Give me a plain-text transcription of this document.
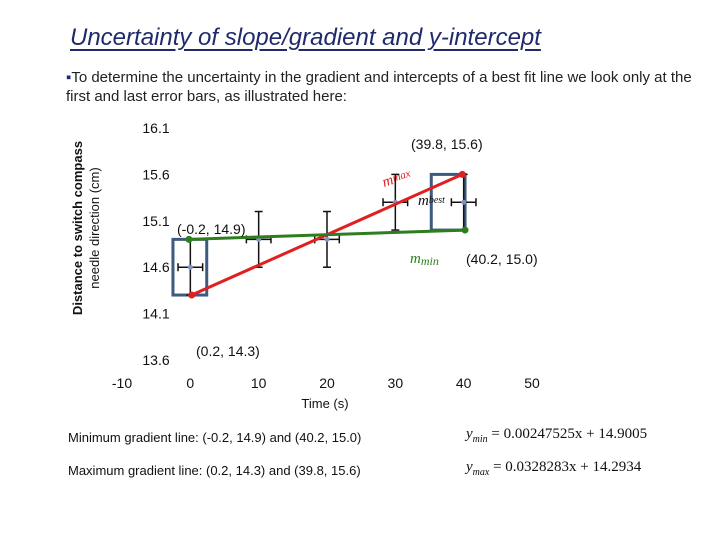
Uncertainty of slope/gradient and y-intercept
▪To determine the uncertainty in the gradient and intercepts of a best fit line we look only at the first and last error bars, as illustrated here:
-10	0	10	20	30	40	50
13.6
14.1
14.6
15.1
15.6
16.1
Time (s)
Distance to switch compass needle direction (cm)
(39.8, 15.6)
(0.2, 14.3)
(-0.2, 14.9)
(40.2, 15.0)
mmax
mbest
mmin
Minimum gradient line: (-0.2, 14.9) and (40.2, 15.0)	$y_{min} = 0.00247525x + 14.9005$
Maximum gradient line: (0.2, 14.3) and (39.8, 15.6)	$y_{max} = 0.0328283x + 14.2934$
